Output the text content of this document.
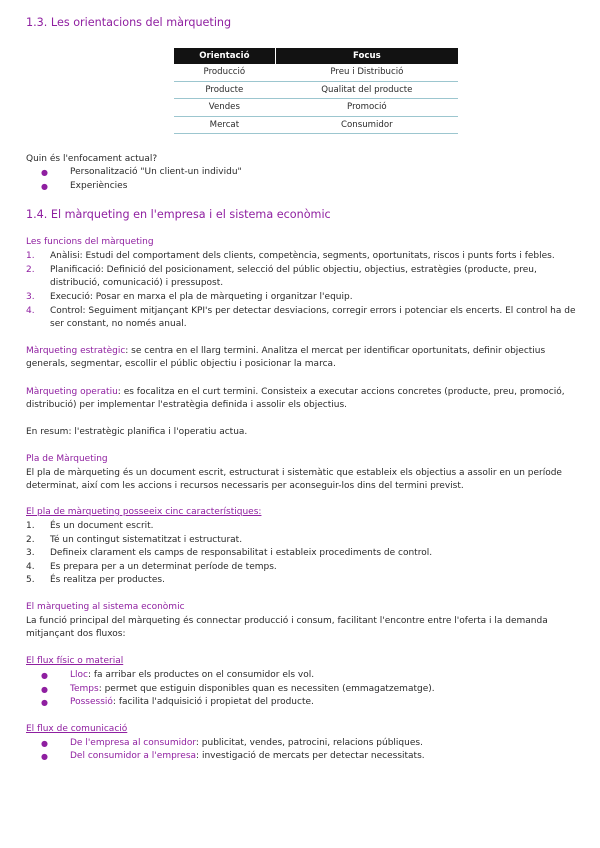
1.3. Les orientacions del màrqueting
Orientació	Focus
Producció	Preu i Distribució
Producte	Qualitat del producte
Vendes	Promoció
Mercat	Consumidor
Quin és l'enfocament actual?
● Personalització "Un client-un individu"
● Experiències
1.4. El màrqueting en l'empresa i el sistema econòmic
Les funcions del màrqueting
1.	Anàlisi: Estudi del comportament dels clients, competència, segments, oportunitats, riscos i punts forts i febles.
2.	Planificació: Definició del posicionament, selecció del públic objectiu, objectius, estratègies (producte, preu,
distribució, comunicació) i pressupost.
3.	Execució: Posar en marxa el pla de màrqueting i organitzar l'equip.
4.	Control: Seguiment mitjançant KPI's per detectar desviacions, corregir errors i potenciar els encerts. El control ha de
ser constant, no només anual.
Màrqueting estratègic: se centra en el llarg termini. Analitza el mercat per identificar oportunitats, definir objectius
generals, segmentar, escollir el públic objectiu i posicionar la marca.
Màrqueting operatiu: es focalitza en el curt termini. Consisteix a executar accions concretes (producte, preu, promoció,
distribució) per implementar l'estratègia definida i assolir els objectius.
En resum: l'estratègic planifica i l'operatiu actua.
Pla de Màrqueting
El pla de màrqueting és un document escrit, estructurat i sistemàtic que estableix els objectius a assolir en un període
determinat, així com les accions i recursos necessaris per aconseguir-los dins del termini previst.
El pla de màrqueting posseeix cinc característiques:
1.	És un document escrit.
2.	Té un contingut sistematitzat i estructurat.
3.	Defineix clarament els camps de responsabilitat i estableix procediments de control.
4.	Es prepara per a un determinat període de temps.
5.	És realitza per productes.
El màrqueting al sistema econòmic
La funció principal del màrqueting és connectar producció i consum, facilitant l'encontre entre l'oferta i la demanda
mitjançant dos fluxos:
El flux físic o material
● Lloc: fa arribar els productes on el consumidor els vol.
● Temps: permet que estiguin disponibles quan es necessiten (emmagatzematge).
● Possessió: facilita l'adquisició i propietat del producte.
El flux de comunicació
● De l'empresa al consumidor: publicitat, vendes, patrocini, relacions públiques.
● Del consumidor a l'empresa: investigació de mercats per detectar necessitats.
